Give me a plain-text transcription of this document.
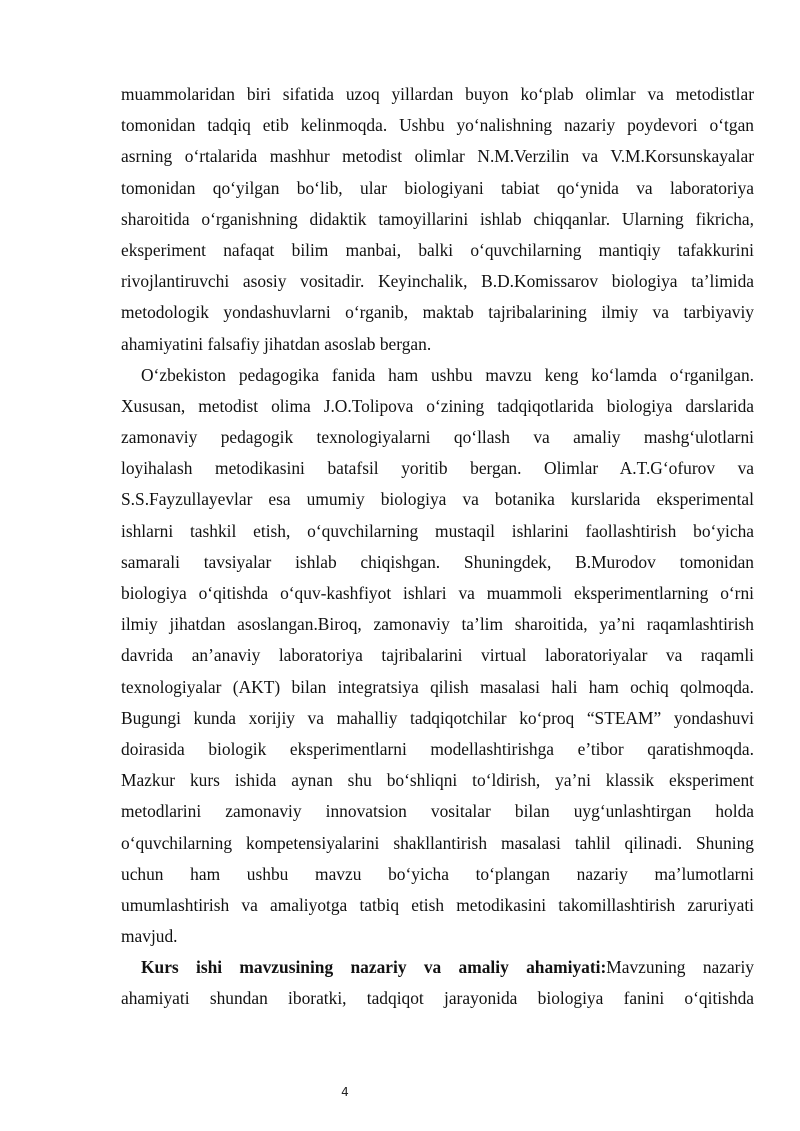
muammolaridan biri sifatida uzoq yillardan buyon ko‘plab olimlar va metodistlar
tomonidan tadqiq etib kelinmoqda. Ushbu yo‘nalishning nazariy poydevori o‘tgan
asrning o‘rtalarida mashhur metodist olimlar N.M.Verzilin va V.M.Korsunskayalar
tomonidan qo‘yilgan bo‘lib, ular biologiyani tabiat qo‘ynida va laboratoriya
sharoitida o‘rganishning didaktik tamoyillarini ishlab chiqqanlar. Ularning fikricha,
eksperiment nafaqat bilim manbai, balki o‘quvchilarning mantiqiy tafakkurini
rivojlantiruvchi asosiy vositadir. Keyinchalik, B.D.Komissarov biologiya ta’limida
metodologik yondashuvlarni o‘rganib, maktab tajribalarining ilmiy va tarbiyaviy
ahamiyatini falsafiy jihatdan asoslab bergan.
O‘zbekiston pedagogika fanida ham ushbu mavzu keng ko‘lamda o‘rganilgan.
Xususan, metodist olima J.O.Tolipova o‘zining tadqiqotlarida biologiya darslarida
zamonaviy pedagogik texnologiyalarni qo‘llash va amaliy mashg‘ulotlarni
loyihalash metodikasini batafsil yoritib bergan. Olimlar A.T.G‘ofurov va
S.S.Fayzullayevlar esa umumiy biologiya va botanika kurslarida eksperimental
ishlarni tashkil etish, o‘quvchilarning mustaqil ishlarini faollashtirish bo‘yicha
samarali tavsiyalar ishlab chiqishgan. Shuningdek, B.Murodov tomonidan
biologiya o‘qitishda o‘quv-kashfiyot ishlari va muammoli eksperimentlarning o‘rni
ilmiy jihatdan asoslangan.Biroq, zamonaviy ta’lim sharoitida, ya’ni raqamlashtirish
davrida an’anaviy laboratoriya tajribalarini virtual laboratoriyalar va raqamli
texnologiyalar (AKT) bilan integratsiya qilish masalasi hali ham ochiq qolmoqda.
Bugungi kunda xorijiy va mahalliy tadqiqotchilar ko‘proq “STEAM” yondashuvi
doirasida biologik eksperimentlarni modellashtirishga e’tibor qaratishmoqda.
Mazkur kurs ishida aynan shu bo‘shliqni to‘ldirish, ya’ni klassik eksperiment
metodlarini zamonaviy innovatsion vositalar bilan uyg‘unlashtirgan holda
o‘quvchilarning kompetensiyalarini shakllantirish masalasi tahlil qilinadi. Shuning
uchun ham ushbu mavzu bo‘yicha to‘plangan nazariy ma’lumotlarni
umumlashtirish va amaliyotga tatbiq etish metodikasini takomillashtirish zaruriyati
mavjud.
Kurs ishi mavzusining nazariy va amaliy ahamiyati:Mavzuning nazariy
ahamiyati shundan iboratki, tadqiqot jarayonida biologiya fanini o‘qitishda
4
